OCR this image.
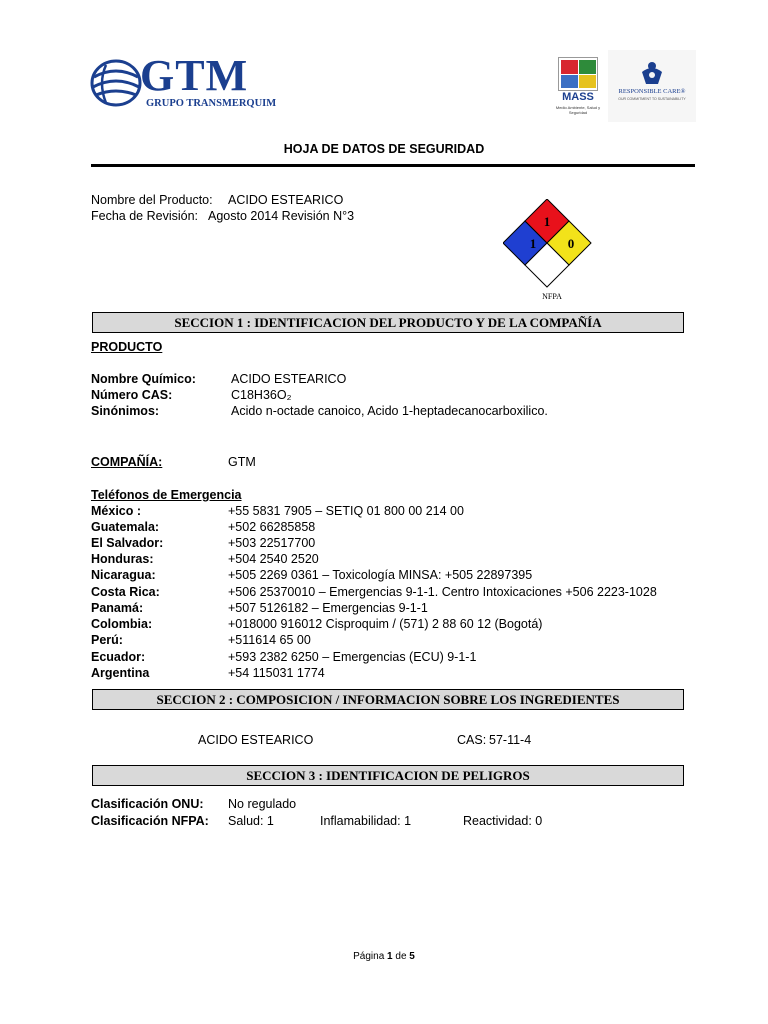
GTM
GRUPO TRANSMERQUIM
MASS
Medio Ambiente, Salud y Seguridad
RESPONSIBLE CARE®
OUR COMMITMENT TO SUSTAINABILITY
HOJA DE DATOS DE SEGURIDAD
Nombre del Producto: ACIDO ESTEARICO
Fecha de Revisión: Agosto 2014 Revisión N°3	1
1 0
NFPA
SECCION 1 : IDENTIFICACION DEL PRODUCTO Y DE LA COMPAÑÍA
PRODUCTO
Nombre Químico:	ACIDO ESTEARICO
Número CAS:	C18H36O₂
Sinónimos:	Acido n-octade canoico, Acido 1-heptadecanocarboxilico.
COMPAÑÍA:	GTM
Teléfonos de Emergencia
México :	+55 5831 7905 – SETIQ 01 800 00 214 00
Guatemala:	+502 66285858
El Salvador:	+503 22517700
Honduras:	+504 2540 2520
Nicaragua:	+505 2269 0361 – Toxicología MINSA: +505 22897395
Costa Rica:	+506 25370010 – Emergencias 9-1-1. Centro Intoxicaciones +506 2223-1028
Panamá:	+507 5126182 – Emergencias 9-1-1
Colombia:	+018000 916012 Cisproquim / (571) 2 88 60 12 (Bogotá)
Perú:	+511614 65 00
Ecuador:	+593 2382 6250 – Emergencias (ECU) 9-1-1
Argentina	+54 115031 1774
SECCION 2 : COMPOSICION / INFORMACION SOBRE LOS INGREDIENTES
ACIDO ESTEARICO	CAS: 57-11-4
SECCION 3 : IDENTIFICACION DE PELIGROS
Clasificación ONU: No regulado
Clasificación NFPA: Salud: 1	Inflamabilidad: 1	Reactividad: 0
Página 1 de 5
